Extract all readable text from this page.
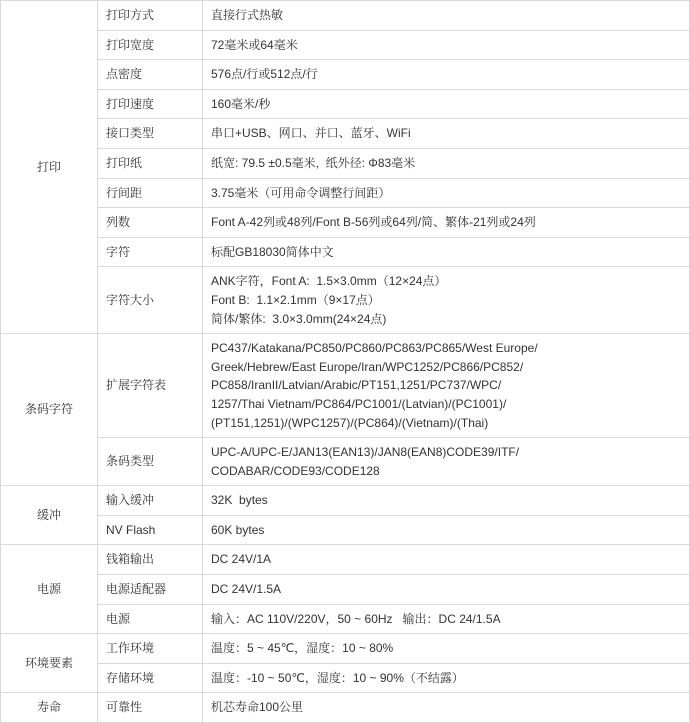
打印	打印方式	直接行式热敏

	打印宽度	72毫米或64毫米

	点密度	576点/行或512点/行

	打印速度	160毫米/秒

	接口类型	串口+USB、网口、并口、蓝牙、WiFi

	打印纸	纸宽: 79.5 ±0.5毫米,  纸外径: Φ83毫米

	行间距	3.75毫米（可用命令调整行间距）

	列数	Font A-42列或48列/Font B-56列或64列/简、繁体-21列或24列

	字符	标配GB18030简体中文

	字符大小	ANK字符，Font A:  1.5×3.0mm（12×24点）
Font B:  1.1×2.1mm（9×17点）
简体/繁体:  3.0×3.0mm(24×24点)

条码字符	扩展字符表	PC437/Katakana/PC850/PC860/PC863/PC865/West Europe/
Greek/Hebrew/East Europe/Iran/WPC1252/PC866/PC852/
PC858/IranII/Latvian/Arabic/PT151,1251/PC737/WPC/
1257/Thai Vietnam/PC864/PC1001/(Latvian)/(PC1001)/
(PT151,1251)/(WPC1257)/(PC864)/(Vietnam)/(Thai)

	条码类型	UPC-A/UPC-E/JAN13(EAN13)/JAN8(EAN8)CODE39/ITF/
CODABAR/CODE93/CODE128

缓冲	输入缓冲	32K  bytes

	NV Flash	60K bytes

电源	钱箱输出	DC 24V/1A

	电源适配器	DC 24V/1.5A

	电源	输入：AC 110V/220V，50 ~ 60Hz   输出：DC 24/1.5A

环境要素	工作环境	温度：5 ~ 45℃，湿度：10 ~ 80%

	存储环境	温度：-10 ~ 50℃，湿度：10 ~ 90%（不结露）

寿命	可靠性	机芯寿命100公里
